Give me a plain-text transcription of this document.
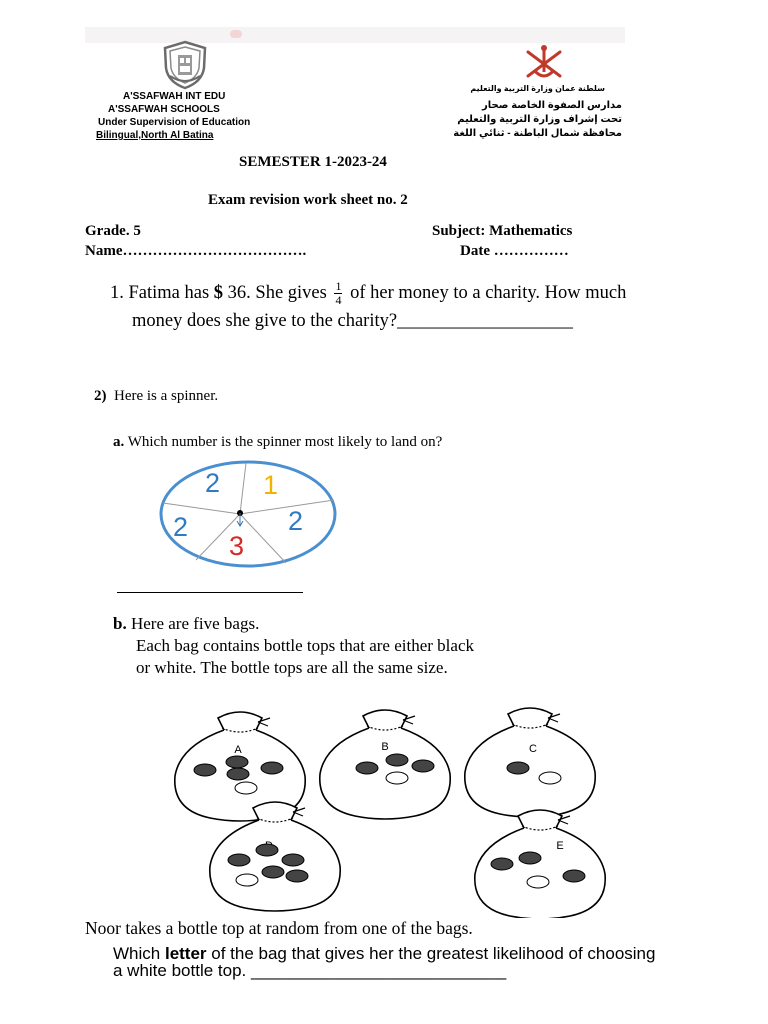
A'SSAFWAH INT EDU
A'SSAFWAH SCHOOLS
Under Supervision of Education
Bilingual,North Al Batina
سلطنة عمان وزارة التربية والتعليم
مدارس الصفوة الخاصة صحار
تحت إشراف وزارة التربية والتعليم
محافظة شمال الباطنة - ثنائي اللغة
SEMESTER 1-2023-24
Exam revision work sheet no. 2
Grade. 5	Subject: Mathematics
Name……………………………….	Date ……………
1. Fatima has $ 36. She gives $\frac{1}{4}$ of her money to a charity. How much
money does she give to the charity?___________________
2) Here is a spinner.
a. Which number is the spinner most likely to land on?
2 1
2	2
3
b. Here are five bags.
Each bag contains bottle tops that are either black
or white. The bottle tops are all the same size.
A	B	C
E
Noor takes a bottle top at random from one of the bags.
Which letter of the bag that gives her the greatest likelihood of choosing
a white bottle top. ___________________________
